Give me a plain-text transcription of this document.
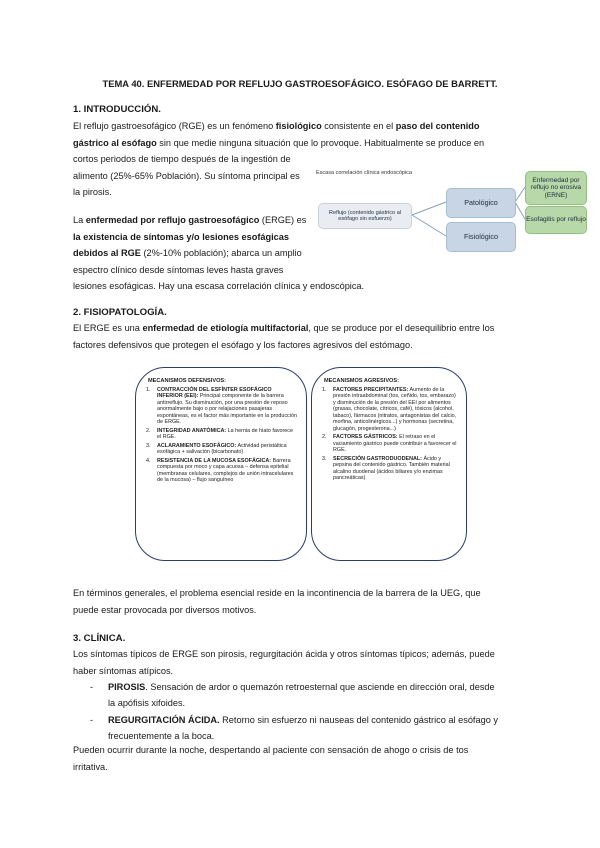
TEMA 40. ENFERMEDAD POR REFLUJO GASTROESOFÁGICO. ESÓFAGO DE BARRETT.
1. INTRODUCCIÓN.
El reflujo gastroesofágico (RGE) es un fenómeno fisiológico consistente en el paso del contenido
gástrico al esófago sin que medie ninguna situación que lo provoque. Habitualmente se produce en
cortos periodos de tiempo después de la ingestión de
alimento (25%-65% Población). Su síntoma principal es
la pirosis.
La enfermedad por reflujo gastroesofágico (ERGE) es
la existencia de síntomas y/o lesiones esofágicas
debidos al RGE (2%-10% población); abarca un amplio
espectro clínico desde síntomas leves hasta graves
lesiones esofágicas. Hay una escasa correlación clínica y endoscópica.
Escasa correlación clínica endoscópica
Reflujo (contenido gástrico al esófago sin esfuerzo)
Patológico
Fisiológico
Enfermedad por reflujo no erosiva (ERNE)
Esofagitis por reflujo
2. FISIOPATOLOGÍA.
El ERGE es una enfermedad de etiología multifactorial, que se produce por el desequilibrio entre los
factores defensivos que protegen el esófago y los factores agresivos del estómago.
MECANISMOS DEFENSIVOS:
1. CONTRACCIÓN DEL ESFÍNTER ESOFÁGICO INFERIOR (EEI): Principal componente de la barrera antirreflujo. Su disminución, por una presión de reposo anormalmente bajo o por relajaciones pasajeras espontáneas, es el factor más importante en la producción de ERGE.
2. INTEGRIDAD ANATÓMICA: La hernia de hiato favorece el RGE.
3. ACLARAMIENTO ESOFÁGICO: Actividad peristáltica esofágica + salivación (bicarbonato)
4. RESISTENCIA DE LA MUCOSA ESOFÁGICA: Barrera compuesta por moco y capa acuosa – defensa epitelial (membranas celulares, complejos de unión intracelulares de la mucosa) – flujo sanguíneo
MECANISMOS AGRESIVOS:
1. FACTORES PRECIPITANTES: Aumento de la presión intraabdominal (tos, ceñido, tos, embarazo) y disminución de la presión del EEI por alimentos (grasas, chocolate, cítricos, café), tóxicos (alcohol, tabaco), fármacos (nitratos, antagonistas del calcio, morfina, anticolinérgicos...) y hormonas (secretina, glucagón, progesterona...)
2. FACTORES GÁSTRICOS: El retraso en el vaciamiento gástrico puede contribuir a favorecer el RGE.
3. SECRECIÓN GASTRODUODENAL: Ácido y pepsina del contenido gástrico. También material alcalino duodenal (ácidos biliares y/o enzimas pancreáticas)
En términos generales, el problema esencial reside en la incontinencia de la barrera de la UEG, que
puede estar provocada por diversos motivos.
3. CLÍNICA.
Los síntomas típicos de ERGE son pirosis, regurgitación ácida y otros síntomas típicos; además, puede
haber síntomas atípicos.
- PIROSIS. Sensación de ardor o quemazón retroesternal que asciende en dirección oral, desde
la apófisis xifoides.
- REGURGITACIÓN ÁCIDA. Retorno sin esfuerzo ni nauseas del contenido gástrico al esófago y
frecuentemente a la boca.
Pueden ocurrir durante la noche, despertando al paciente con sensación de ahogo o crisis de tos
irritativa.
